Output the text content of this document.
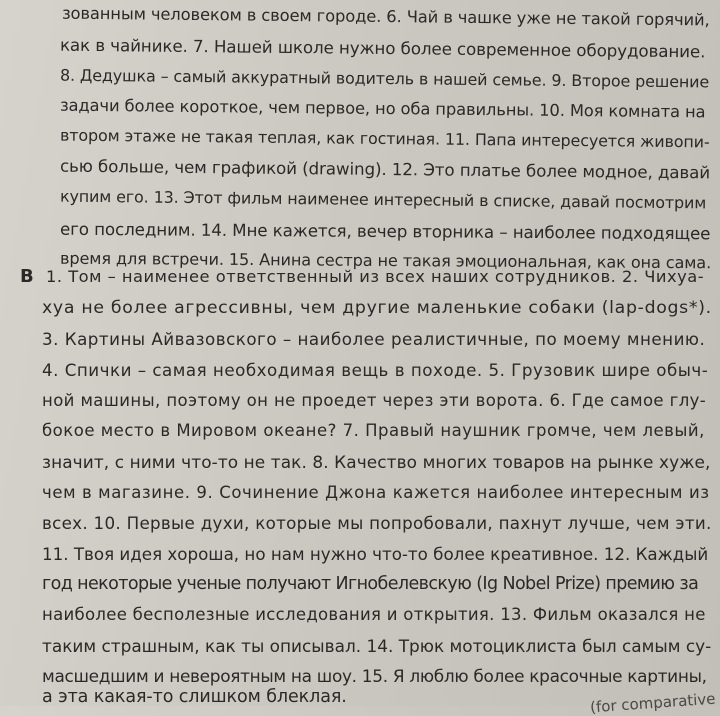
зованным человеком в своем городе. 6. Чай в чашке уже не такой горячий,
как в чайнике. 7. Нашей школе нужно более современное оборудование.
8. Дедушка – самый аккуратный водитель в нашей семье. 9. Второе решение
задачи более короткое, чем первое, но оба правильны. 10. Моя комната на
втором этаже не такая теплая, как гостиная. 11. Папа интересуется живопи-
сью больше, чем графикой (drawing). 12. Это платье более модное, давай
купим его. 13. Этот фильм наименее интересный в списке, давай посмотрим
его последним. 14. Мне кажется, вечер вторника – наиболее подходящее
время для встречи. 15. Анина сестра не такая эмоциональная, как она сама.
B 1. Том – наименее ответственный из всех наших сотрудников. 2. Чихуа-
хуа не более агрессивны, чем другие маленькие собаки (lap-dogs*).
3. Картины Айвазовского – наиболее реалистичные, по моему мнению.
4. Спички – самая необходимая вещь в походе. 5. Грузовик шире обыч-
ной машины, поэтому он не проедет через эти ворота. 6. Где самое глу-
бокое место в Мировом океане? 7. Правый наушник громче, чем левый,
значит, с ними что-то не так. 8. Качество многих товаров на рынке хуже,
чем в магазине. 9. Сочинение Джона кажется наиболее интересным из
всех. 10. Первые духи, которые мы попробовали, пахнут лучше, чем эти.
11. Твоя идея хороша, но нам нужно что-то более креативное. 12. Каждый
год некоторые ученые получают Игнобелевскую (Ig Nobel Prize) премию за
наиболее бесполезные исследования и открытия. 13. Фильм оказался не
таким страшным, как ты описывал. 14. Трюк мотоциклиста был самым су-
масшедшим и невероятным на шоу. 15. Я люблю более красочные картины,
а эта какая-то слишком блеклая.	(for comparative
